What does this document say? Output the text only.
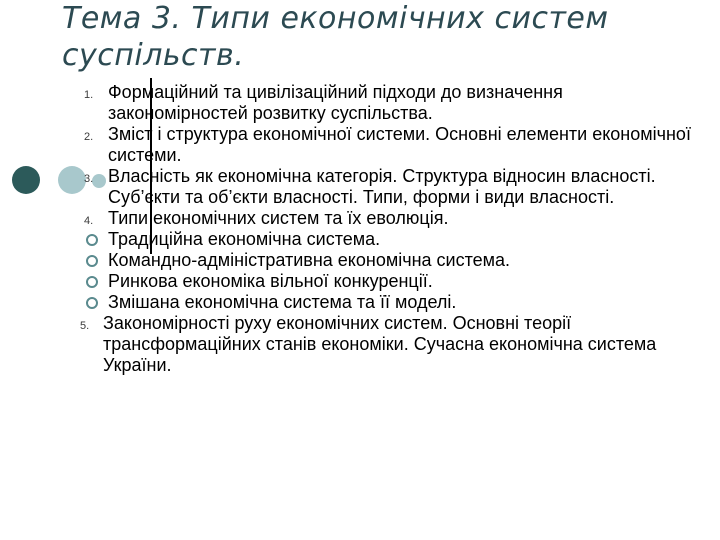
Тема 3. Типи економічних систем
суспільств.
1. Формаційний та цивілізаційний підходи до визначення закономірностей розвитку суспільства.
2. Зміст і структура економічної системи. Основні елементи економічної системи.
3. Власність як економічна категорія. Структура відносин власності. Суб’єкти та об’єкти власності. Типи, форми і види власності.
4. Типи економічних систем та їх еволюція.
Традиційна економічна система.
Командно-адміністративна економічна система.
Ринкова економіка вільної конкуренції.
Змішана економічна система та її моделі.
5. Закономірності руху економічних систем. Основні теорії трансформаційних станів економіки. Сучасна економічна система України.
